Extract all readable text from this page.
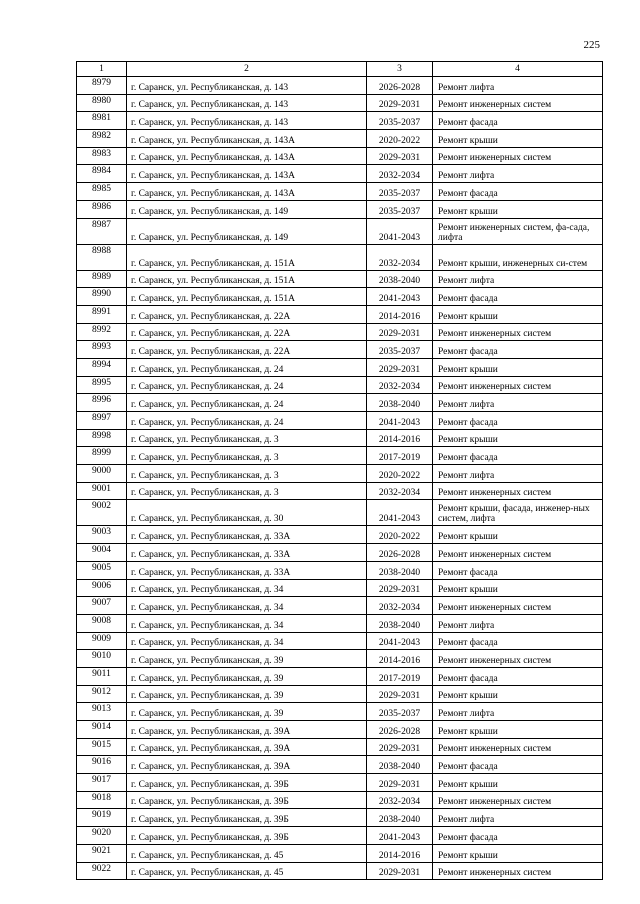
225
1	2	3	4
8979	г. Саранск, ул. Республиканская, д. 143	2026-2028	Ремонт лифта
8980	г. Саранск, ул. Республиканская, д. 143	2029-2031	Ремонт инженерных систем
8981	г. Саранск, ул. Республиканская, д. 143	2035-2037	Ремонт фасада
8982	г. Саранск, ул. Республиканская, д. 143А	2020-2022	Ремонт крыши
8983	г. Саранск, ул. Республиканская, д. 143А	2029-2031	Ремонт инженерных систем
8984	г. Саранск, ул. Республиканская, д. 143А	2032-2034	Ремонт лифта
8985	г. Саранск, ул. Республиканская, д. 143А	2035-2037	Ремонт фасада
8986	г. Саранск, ул. Республиканская, д. 149	2035-2037	Ремонт крыши
8987	г. Саранск, ул. Республиканская, д. 149	2041-2043	Ремонт инженерных систем, фа-сада, лифта
8988	г. Саранск, ул. Республиканская, д. 151А	2032-2034	Ремонт крыши, инженерных си-стем
8989	г. Саранск, ул. Республиканская, д. 151А	2038-2040	Ремонт лифта
8990	г. Саранск, ул. Республиканская, д. 151А	2041-2043	Ремонт фасада
8991	г. Саранск, ул. Республиканская, д. 22А	2014-2016	Ремонт крыши
8992	г. Саранск, ул. Республиканская, д. 22А	2029-2031	Ремонт инженерных систем
8993	г. Саранск, ул. Республиканская, д. 22А	2035-2037	Ремонт фасада
8994	г. Саранск, ул. Республиканская, д. 24	2029-2031	Ремонт крыши
8995	г. Саранск, ул. Республиканская, д. 24	2032-2034	Ремонт инженерных систем
8996	г. Саранск, ул. Республиканская, д. 24	2038-2040	Ремонт лифта
8997	г. Саранск, ул. Республиканская, д. 24	2041-2043	Ремонт фасада
8998	г. Саранск, ул. Республиканская, д. 3	2014-2016	Ремонт крыши
8999	г. Саранск, ул. Республиканская, д. 3	2017-2019	Ремонт фасада
9000	г. Саранск, ул. Республиканская, д. 3	2020-2022	Ремонт лифта
9001	г. Саранск, ул. Республиканская, д. 3	2032-2034	Ремонт инженерных систем
9002	г. Саранск, ул. Республиканская, д. 30	2041-2043	Ремонт крыши, фасада, инженер-ных систем, лифта
9003	г. Саранск, ул. Республиканская, д. 33А	2020-2022	Ремонт крыши
9004	г. Саранск, ул. Республиканская, д. 33А	2026-2028	Ремонт инженерных систем
9005	г. Саранск, ул. Республиканская, д. 33А	2038-2040	Ремонт фасада
9006	г. Саранск, ул. Республиканская, д. 34	2029-2031	Ремонт крыши
9007	г. Саранск, ул. Республиканская, д. 34	2032-2034	Ремонт инженерных систем
9008	г. Саранск, ул. Республиканская, д. 34	2038-2040	Ремонт лифта
9009	г. Саранск, ул. Республиканская, д. 34	2041-2043	Ремонт фасада
9010	г. Саранск, ул. Республиканская, д. 39	2014-2016	Ремонт инженерных систем
9011	г. Саранск, ул. Республиканская, д. 39	2017-2019	Ремонт фасада
9012	г. Саранск, ул. Республиканская, д. 39	2029-2031	Ремонт крыши
9013	г. Саранск, ул. Республиканская, д. 39	2035-2037	Ремонт лифта
9014	г. Саранск, ул. Республиканская, д. 39А	2026-2028	Ремонт крыши
9015	г. Саранск, ул. Республиканская, д. 39А	2029-2031	Ремонт инженерных систем
9016	г. Саранск, ул. Республиканская, д. 39А	2038-2040	Ремонт фасада
9017	г. Саранск, ул. Республиканская, д. 39Б	2029-2031	Ремонт крыши
9018	г. Саранск, ул. Республиканская, д. 39Б	2032-2034	Ремонт инженерных систем
9019	г. Саранск, ул. Республиканская, д. 39Б	2038-2040	Ремонт лифта
9020	г. Саранск, ул. Республиканская, д. 39Б	2041-2043	Ремонт фасада
9021	г. Саранск, ул. Республиканская, д. 45	2014-2016	Ремонт крыши
9022	г. Саранск, ул. Республиканская, д. 45	2029-2031	Ремонт инженерных систем
